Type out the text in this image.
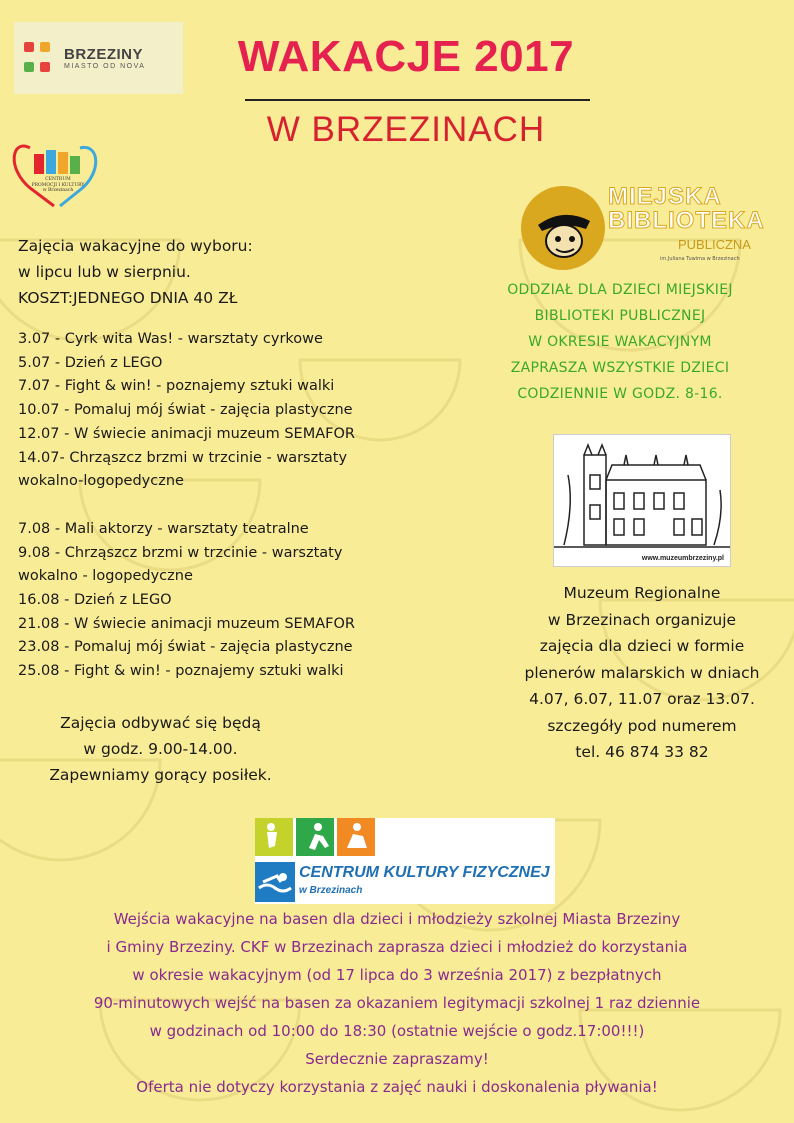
BRZEZINY
MIASTO OD NOVA	WAKACJE 2017
W BRZEZINACH
CENTRUM
PROMOCJI I KULTURY
w Brzezinach
Zajęcia wakacyjne do wyboru:
w lipcu lub w sierpniu.
KOSZT:JEDNEGO DNIA 40 ZŁ
3.07 - Cyrk wita Was! - warsztaty cyrkowe
5.07 - Dzień z LEGO
7.07 - Fight & win! - poznajemy sztuki walki
10.07 - Pomaluj mój świat - zajęcia plastyczne
12.07 - W świecie animacji muzeum SEMAFOR
14.07- Chrząszcz brzmi w trzcinie - warsztaty
wokalno-logopedyczne
7.08 - Mali aktorzy - warsztaty teatralne
9.08 - Chrząszcz brzmi w trzcinie - warsztaty
wokalno - logopedyczne
16.08 - Dzień z LEGO
21.08 - W świecie animacji muzeum SEMAFOR
23.08 - Pomaluj mój świat - zajęcia plastyczne
25.08 - Fight & win! - poznajemy sztuki walki
Zajęcia odbywać się będą
w godz. 9.00-14.00.
Zapewniamy gorący posiłek.
MIEJSKA
BIBLIOTEKA
PUBLICZNA
im.Juliana Tuwima w Brzezinach
ODDZIAŁ DLA DZIECI MIEJSKIEJ
BIBLIOTEKI PUBLICZNEJ
W OKRESIE WAKACYJNYM
ZAPRASZA WSZYSTKIE DZIECI
CODZIENNIE W GODZ. 8-16.
www.muzeumbrzeziny.pl
Muzeum Regionalne
w Brzezinach organizuje
zajęcia dla dzieci w formie
plenerów malarskich w dniach
4.07, 6.07, 11.07 oraz 13.07.
szczegóły pod numerem
tel. 46 874 33 82
CENTRUM KULTURY FIZYCZNEJ
w Brzezinach
Wejścia wakacyjne na basen dla dzieci i młodzieży szkolnej Miasta Brzeziny
i Gminy Brzeziny. CKF w Brzezinach zaprasza dzieci i młodzież do korzystania
w okresie wakacyjnym (od 17 lipca do 3 września 2017) z bezpłatnych
90-minutowych wejść na basen za okazaniem legitymacji szkolnej 1 raz dziennie
w godzinach od 10:00 do 18:30 (ostatnie wejście o godz.17:00!!!)
Serdecznie zapraszamy!
Oferta nie dotyczy korzystania z zajęć nauki i doskonalenia pływania!
